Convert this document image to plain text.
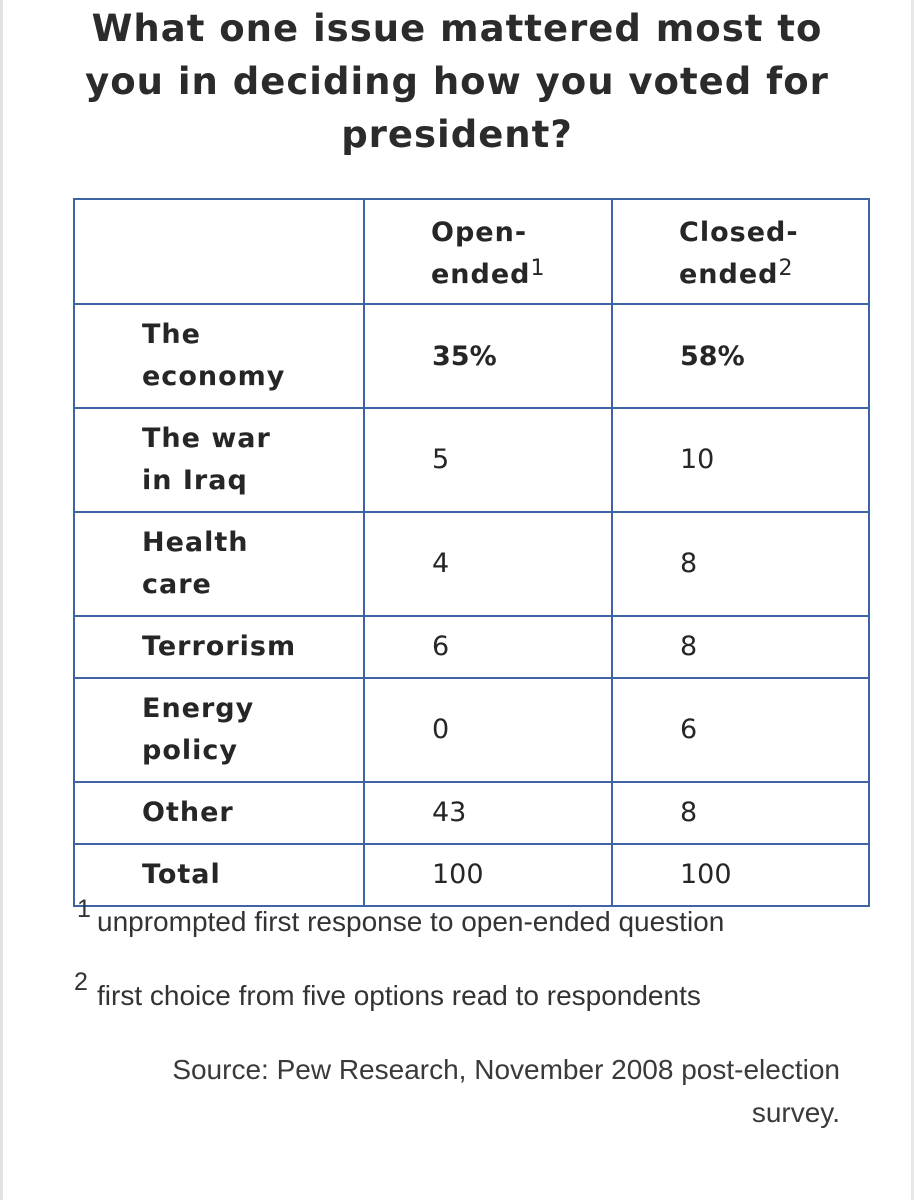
What one issue mattered most to you in deciding how you voted for president?
	Open-ended$^1$	Closed-ended$^2$
The economy	35%	58%
The war in Iraq	5	10
Health care	4	8
Terrorism	6	8
Energy policy	0	6
Other	43	8
Total	100	100
1 unprompted first response to open-ended question
2 first choice from five options read to respondents

Source: Pew Research, November 2008 post-election survey.
